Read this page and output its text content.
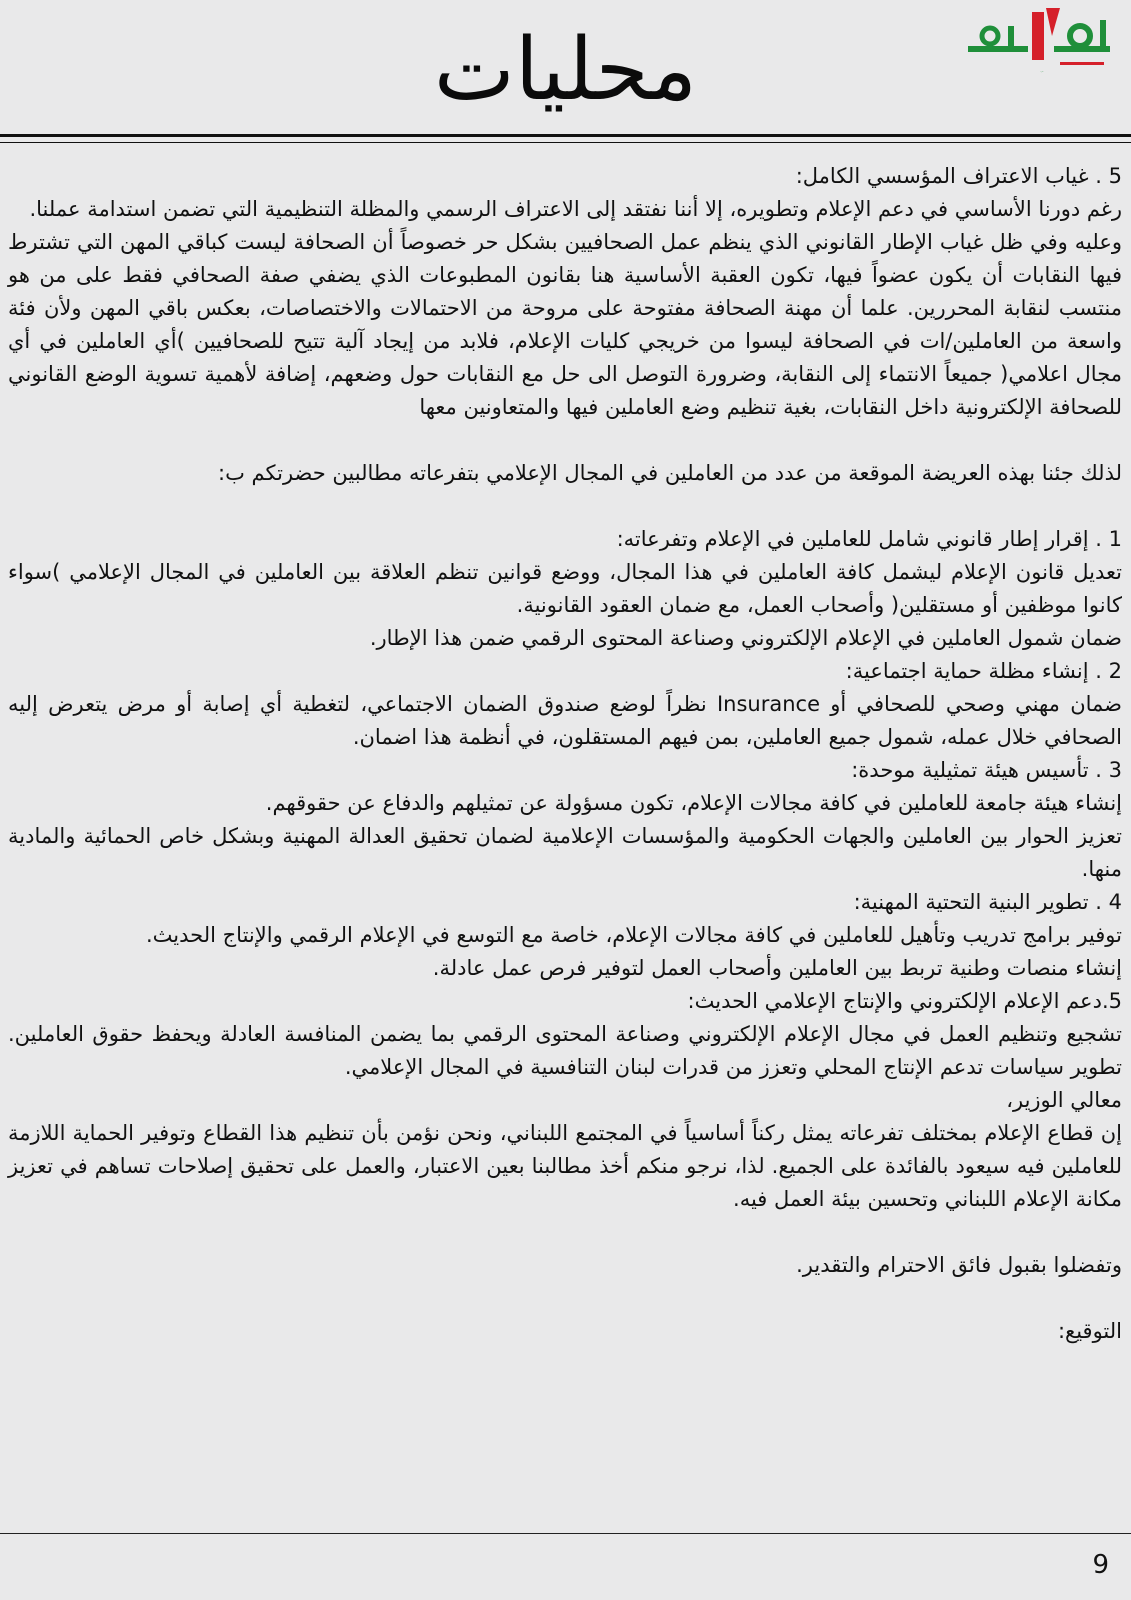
محليات	هلابيروت

5 . غياب الاعتراف المؤسسي الكامل:

رغم دورنا الأساسي في دعم الإعلام وتطويره، إلا أننا نفتقد إلى الاعتراف الرسمي والمظلة التنظيمية التي تضمن استدامة عملنا.

وعليه وفي ظل غياب الإطار القانوني الذي ينظم عمل الصحافيين بشكل حر خصوصاً أن الصحافة ليست كباقي المهن التي تشترط فيها النقابات أن يكون عضواً فيها، تكون العقبة الأساسية هنا بقانون المطبوعات الذي يضفي صفة الصحافي فقط على من هو منتسب لنقابة المحررين. علما أن مهنة الصحافة مفتوحة على مروحة من الاحتمالات والاختصاصات، بعكس باقي المهن ولأن فئة واسعة من العاملين/ات في الصحافة ليسوا من خريجي كليات الإعلام، فلابد من إيجاد آلية تتيح للصحافيين )أي العاملين في أي مجال اعلامي( جميعاً الانتماء إلى النقابة، وضرورة التوصل الى حل مع النقابات حول وضعهم، إضافة لأهمية تسوية الوضع القانوني للصحافة الإلكترونية داخل النقابات، بغية تنظيم وضع العاملين فيها والمتعاونين معها

لذلك جئنا بهذه العريضة الموقعة من عدد من العاملين في المجال الإعلامي بتفرعاته مطالبين حضرتكم ب:

1 . إقرار إطار قانوني شامل للعاملين في الإعلام وتفرعاته:

تعديل قانون الإعلام ليشمل كافة العاملين في هذا المجال، ووضع قوانين تنظم العلاقة بين العاملين في المجال الإعلامي )سواء كانوا موظفين أو مستقلين( وأصحاب العمل، مع ضمان العقود القانونية.

ضمان شمول العاملين في الإعلام الإلكتروني وصناعة المحتوى الرقمي ضمن هذا الإطار.

2 . إنشاء مظلة حماية اجتماعية:

ضمان مهني وصحي للصحافي أو Insurance نظراً لوضع صندوق الضمان الاجتماعي، لتغطية أي إصابة أو مرض يتعرض إليه الصحافي خلال عمله، شمول جميع العاملين، بمن فيهم المستقلون، في أنظمة هذا اضمان.

3 . تأسيس هيئة تمثيلية موحدة:

إنشاء هيئة جامعة للعاملين في كافة مجالات الإعلام، تكون مسؤولة عن تمثيلهم والدفاع عن حقوقهم.

تعزيز الحوار بين العاملين والجهات الحكومية والمؤسسات الإعلامية لضمان تحقيق العدالة المهنية وبشكل خاص الحمائية والمادية منها.

4 . تطوير البنية التحتية المهنية:

توفير برامج تدريب وتأهيل للعاملين في كافة مجالات الإعلام، خاصة مع التوسع في الإعلام الرقمي والإنتاج الحديث.

إنشاء منصات وطنية تربط بين العاملين وأصحاب العمل لتوفير فرص عمل عادلة.

5.دعم الإعلام الإلكتروني والإنتاج الإعلامي الحديث:

تشجيع وتنظيم العمل في مجال الإعلام الإلكتروني وصناعة المحتوى الرقمي بما يضمن المنافسة العادلة ويحفظ حقوق العاملين. تطوير سياسات تدعم الإنتاج المحلي وتعزز من قدرات لبنان التنافسية في المجال الإعلامي.

معالي الوزير،

إن قطاع الإعلام بمختلف تفرعاته يمثل ركناً أساسياً في المجتمع اللبناني، ونحن نؤمن بأن تنظيم هذا القطاع وتوفير الحماية اللازمة للعاملين فيه سيعود بالفائدة على الجميع. لذا، نرجو منكم أخذ مطالبنا بعين الاعتبار، والعمل على تحقيق إصلاحات تساهم في تعزيز مكانة الإعلام اللبناني وتحسين بيئة العمل فيه.

وتفضلوا بقبول فائق الاحترام والتقدير.

التوقيع:

9
